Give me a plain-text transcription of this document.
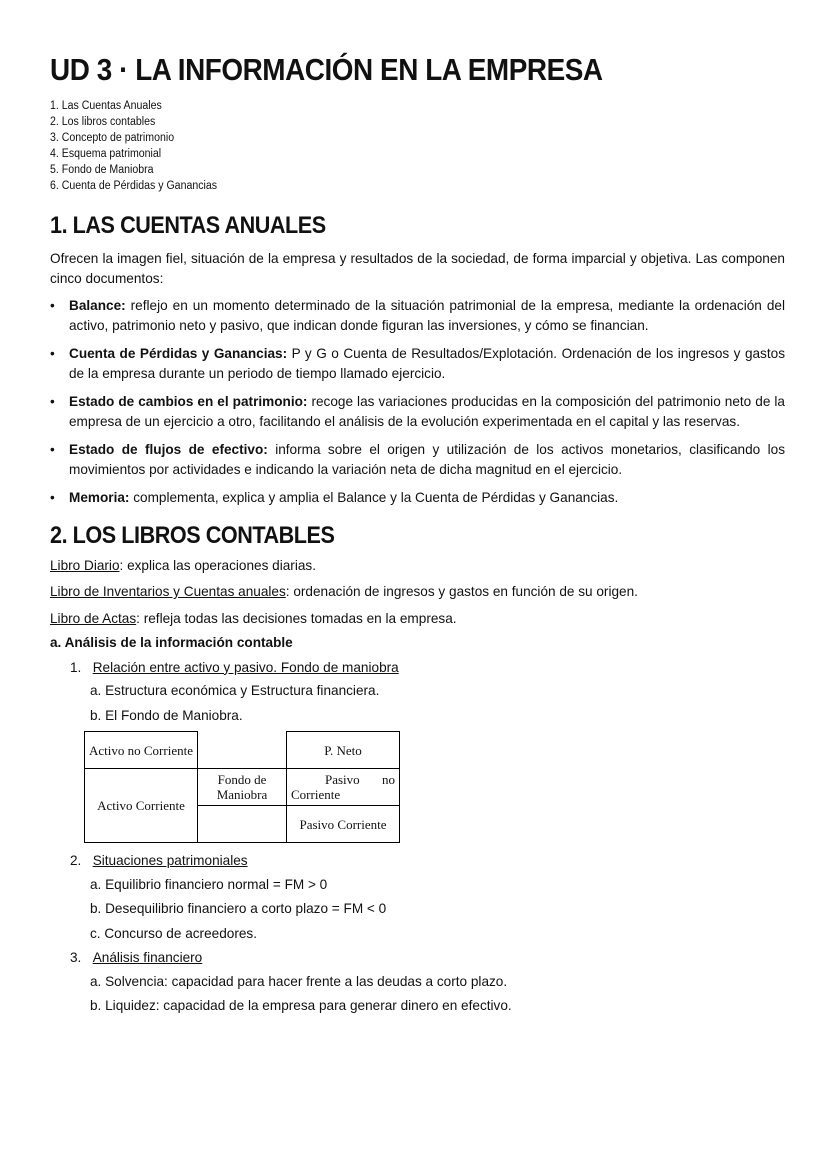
UD 3 · LA INFORMACIÓN EN LA EMPRESA
1. Las Cuentas Anuales
2. Los libros contables
3. Concepto de patrimonio
4. Esquema patrimonial
5. Fondo de Maniobra
6. Cuenta de Pérdidas y Ganancias
1. LAS CUENTAS ANUALES

Ofrecen la imagen fiel, situación de la empresa y resultados de la sociedad, de forma imparcial y objetiva. Las componen cinco documentos:

• Balance: reflejo en un momento determinado de la situación patrimonial de la empresa, mediante la ordenación del activo, patrimonio neto y pasivo, que indican donde figuran las inversiones, y cómo se financian.
• Cuenta de Pérdidas y Ganancias: P y G o Cuenta de Resultados/Explotación. Ordenación de los ingresos y gastos de la empresa durante un periodo de tiempo llamado ejercicio.
• Estado de cambios en el patrimonio: recoge las variaciones producidas en la composición del patrimonio neto de la empresa de un ejercicio a otro, facilitando el análisis de la evolución experimentada en el capital y las reservas.
• Estado de flujos de efectivo: informa sobre el origen y utilización de los activos monetarios, clasificando los movimientos por actividades e indicando la variación neta de dicha magnitud en el ejercicio.
• Memoria: complementa, explica y amplia el Balance y la Cuenta de Pérdidas y Ganancias.
2. LOS LIBROS CONTABLES

Libro Diario: explica las operaciones diarias.

Libro de Inventarios y Cuentas anuales: ordenación de ingresos y gastos en función de su origen.

Libro de Actas: refleja todas las decisiones tomadas en la empresa.

a. Análisis de la información contable

1. Relación entre activo y pasivo. Fondo de maniobra

a. Estructura económica y Estructura financiera.

b. El Fondo de Maniobra.

Activo no Corriente		P. Neto
Activo Corriente	Fondo de Maniobra	Pasivo no
Corriente

		Pasivo Corriente

2. Situaciones patrimoniales

a. Equilibrio financiero normal = FM > 0

b. Desequilibrio financiero a corto plazo = FM < 0

c. Concurso de acreedores.

3. Análisis financiero

a. Solvencia: capacidad para hacer frente a las deudas a corto plazo.

b. Liquidez: capacidad de la empresa para generar dinero en efectivo.
